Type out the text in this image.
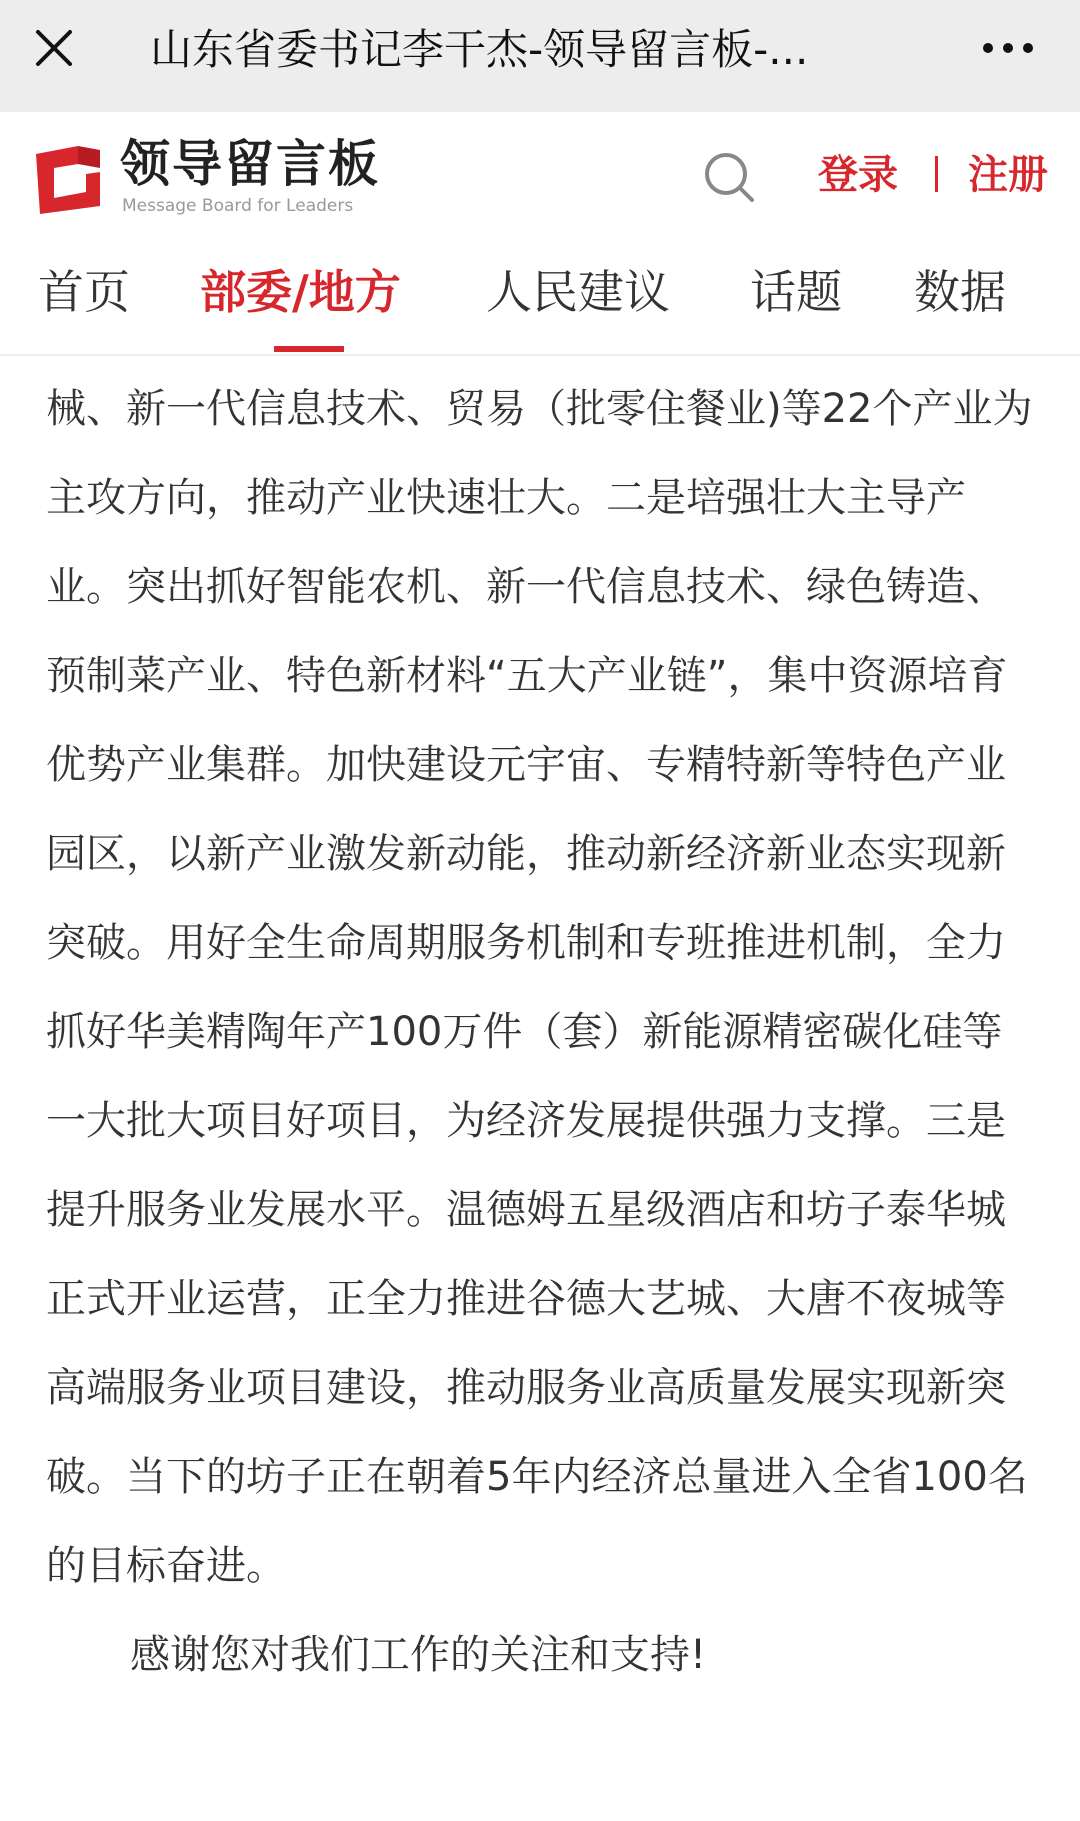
山东省委书记李干杰-领导留言板-...
领导留言板
Message Board for Leaders
登录 注册
首页 部委/地方 人民建议 话题 数据

械、新一代信息技术、贸易（批零住餐业)等22个产业为主攻方向，推动产业快速壮大。二是培强壮大主导产业。突出抓好智能农机、新一代信息技术、绿色铸造、预制菜产业、特色新材料“五大产业链”，集中资源培育优势产业集群。加快建设元宇宙、专精特新等特色产业园区，以新产业激发新动能，推动新经济新业态实现新突破。用好全生命周期服务机制和专班推进机制，全力抓好华美精陶年产100万件（套）新能源精密碳化硅等一大批大项目好项目，为经济发展提供强力支撑。三是提升服务业发展水平。温德姆五星级酒店和坊子泰华城正式开业运营，正全力推进谷德大艺城、大唐不夜城等高端服务业项目建设，推动服务业高质量发展实现新突破。当下的坊子正在朝着5年内经济总量进入全省100名的目标奋进。

感谢您对我们工作的关注和支持!
